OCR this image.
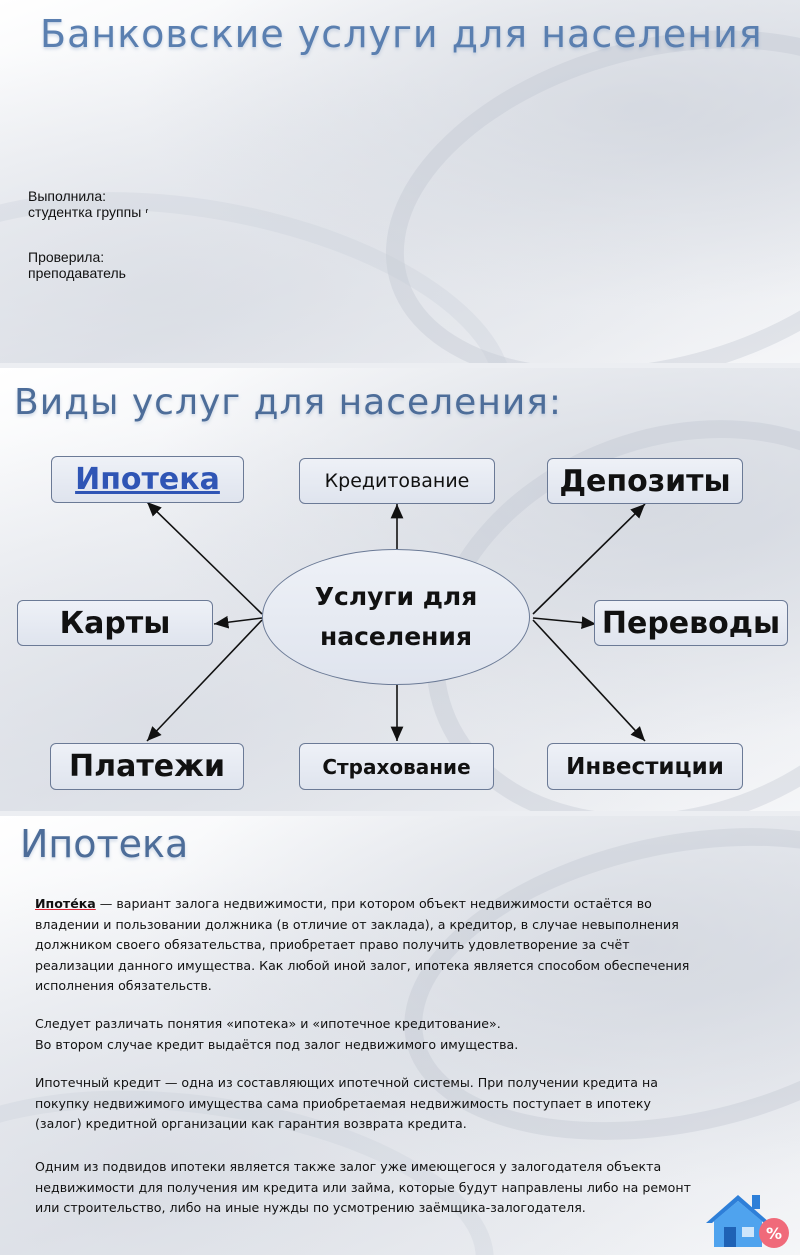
Банковские услуги для населения
Выполнила:
студентка группы ⸢
Проверила:
преподаватель
Виды услуг для населения:
Ипотека	Кредитование	Депозиты
Карты	Переводы
Платежи	Страхование	Инвестиции
Услуги для
населения
Ипотека
Ипоте́ка — вариант залога недвижимости, при котором объект недвижимости остаётся во владении и пользовании должника (в отличие от заклада), а кредитор, в случае невыполнения должником своего обязательства, приобретает право получить удовлетворение за счёт реализации данного имущества. Как любой иной залог, ипотека является способом обеспечения исполнения обязательств.
Следует различать понятия «ипотека» и «ипотечное кредитование».
Во втором случае кредит выдаётся под залог недвижимого имущества.
Ипотечный кредит — одна из составляющих ипотечной системы. При получении кредита на покупку недвижимого имущества сама приобретаемая недвижимость поступает в ипотеку (залог) кредитной организации как гарантия возврата кредита.
Одним из подвидов ипотеки является также залог уже имеющегося у залогодателя объекта недвижимости для получения им кредита или займа, которые будут направлены либо на ремонт или строительство, либо на иные нужды по усмотрению заёмщика-залогодателя.
%
